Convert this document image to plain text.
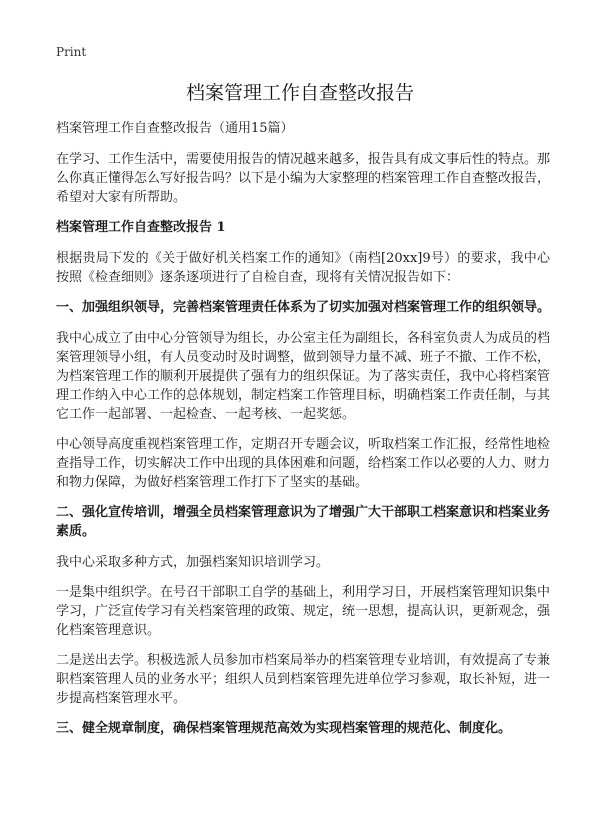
Print
档案管理工作自查整改报告

档案管理工作自查整改报告（通用15篇）

在学习、工作生活中，需要使用报告的情况越来越多，报告具有成文事后性的特点。那么你真正懂得怎么写好报告吗？以下是小编为大家整理的档案管理工作自查整改报告，希望对大家有所帮助。

档案管理工作自查整改报告 1

根据贵局下发的《关于做好机关档案工作的通知》（南档[20xx]9号）的要求，我中心按照《检查细则》逐条逐项进行了自检自查，现将有关情况报告如下：

一、加强组织领导，完善档案管理责任体系为了切实加强对档案管理工作的组织领导。

我中心成立了由中心分管领导为组长，办公室主任为副组长，各科室负责人为成员的档案管理领导小组，有人员变动时及时调整，做到领导力量不减、班子不撤、工作不松，为档案管理工作的顺利开展提供了强有力的组织保证。为了落实责任，我中心将档案管理工作纳入中心工作的总体规划，制定档案工作管理目标，明确档案工作责任制，与其它工作一起部署、一起检查、一起考核、一起奖惩。

中心领导高度重视档案管理工作，定期召开专题会议，听取档案工作汇报，经常性地检查指导工作，切实解决工作中出现的具体困难和问题，给档案工作以必要的人力、财力和物力保障，为做好档案管理工作打下了坚实的基础。

二、强化宣传培训，增强全员档案管理意识为了增强广大干部职工档案意识和档案业务素质。

我中心采取多种方式，加强档案知识培训学习。

一是集中组织学。在号召干部职工自学的基础上，利用学习日，开展档案管理知识集中学习，广泛宣传学习有关档案管理的政策、规定，统一思想，提高认识，更新观念，强化档案管理意识。

二是送出去学。积极选派人员参加市档案局举办的档案管理专业培训，有效提高了专兼职档案管理人员的业务水平；组织人员到档案管理先进单位学习参观，取长补短，进一步提高档案管理水平。

三、健全规章制度，确保档案管理规范高效为实现档案管理的规范化、制度化。
